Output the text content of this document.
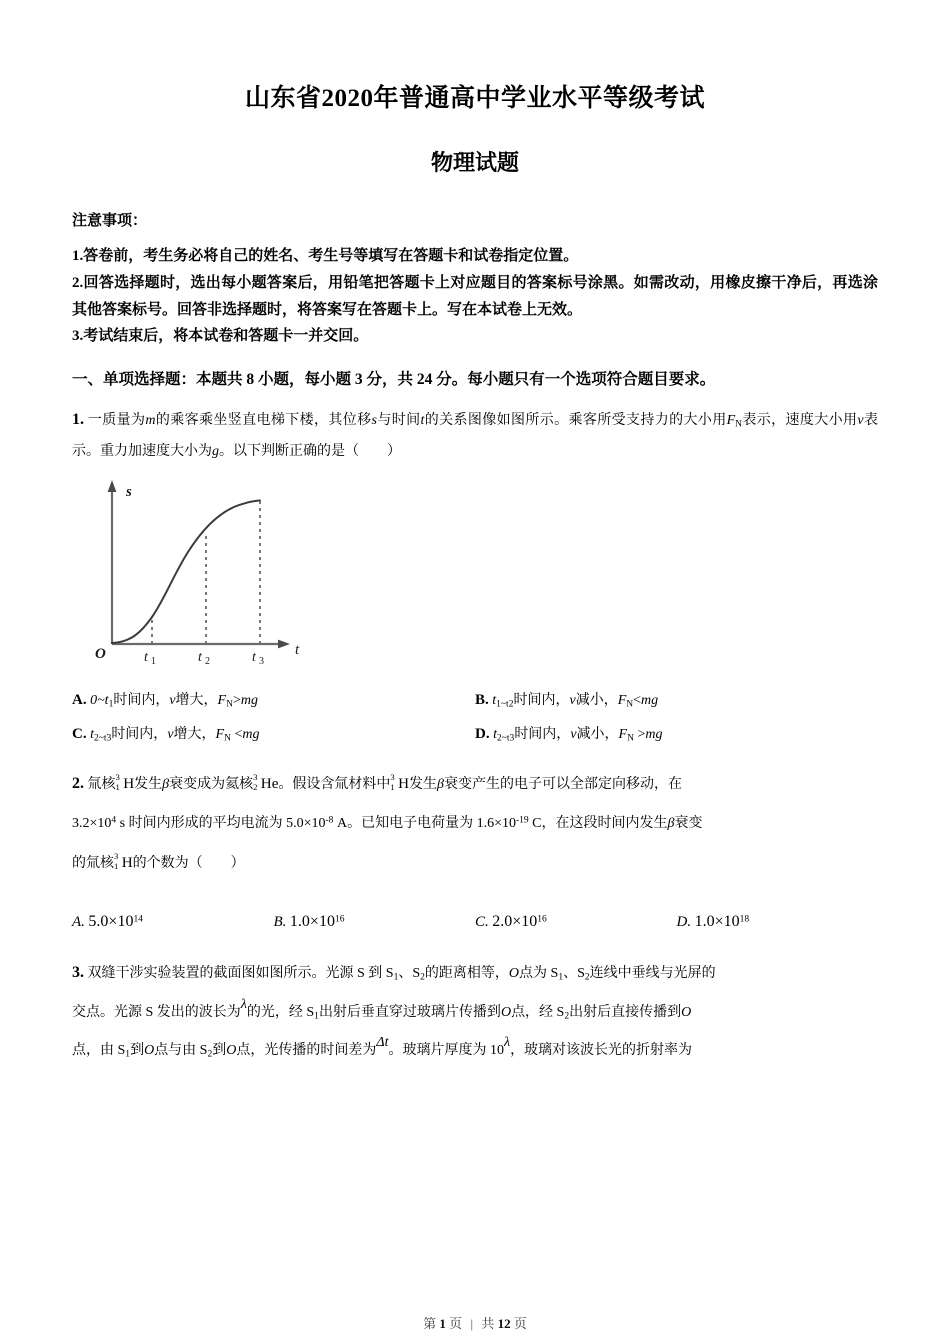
山东省2020年普通高中学业水平等级考试
物理试题
注意事项：

1.答卷前，考生务必将自己的姓名、考生号等填写在答题卡和试卷指定位置。

2.回答选择题时，选出每小题答案后，用铅笔把答题卡上对应题目的答案标号涂黑。如需改动，用橡皮擦干净后，再选涂其他答案标号。回答非选择题时，将答案写在答题卡上。写在本试卷上无效。

3.考试结束后，将本试卷和答题卡一并交回。

一、单项选择题：本题共 8 小题，每小题 3 分，共 24 分。每小题只有一个选项符合题目要求。
1. 一质量为m的乘客乘坐竖直电梯下楼，其位移s与时间t的关系图像如图所示。乘客所受支持力的大小用$F_N$表示，速度大小用v表示。重力加速度大小为g。以下判断正确的是（　　）
s
t
O	t 1	t 2	t 3
A. $0\sim t_1$时间内，v增大，$F_N>mg$	B. $t_{1\sim t2}$时间内，v减小，$F_N<mg$
C. $t_{2\sim t3}$时间内，v增大，$F_N <mg$	D. $t_{2\sim t3}$时间内，v减小，$F_N >mg$
2. 氚核 3
1 H发生β衰变成为氦核 3
2 He。假设含氚材料中 3
1 H发生β衰变产生的电子可以全部定向移动，在
$3.2\times 10^4$ s 时间内形成的平均电流为 $5.0\times 10^{-8}$ A。已知电子电荷量为 $1.6\times 10^{-19}$ C，在这段时间内发生β衰变
的氚核 3
1 H的个数为（　　）
A. $5.0\times 10^{14}$	B. $1.0\times 10^{16}$	C. $2.0\times 10^{16}$	D. $1.0\times 10^{18}$
3. 双缝干涉实验装置的截面图如图所示。光源 S 到 $S_1$、$S_2$的距离相等，O点为 $S_1$、$S_2$连线中垂线与光屏的
交点。光源 S 发出的波长为λ的光，经 $S_1$出射后垂直穿过玻璃片传播到O点，经 $S_2$出射后直接传播到O
点，由 $S_1$到O点与由 $S_2$到O点，光传播的时间差为Δt。玻璃片厚度为 10λ，玻璃对该波长光的折射率为
第 1 页 | 共 12 页
